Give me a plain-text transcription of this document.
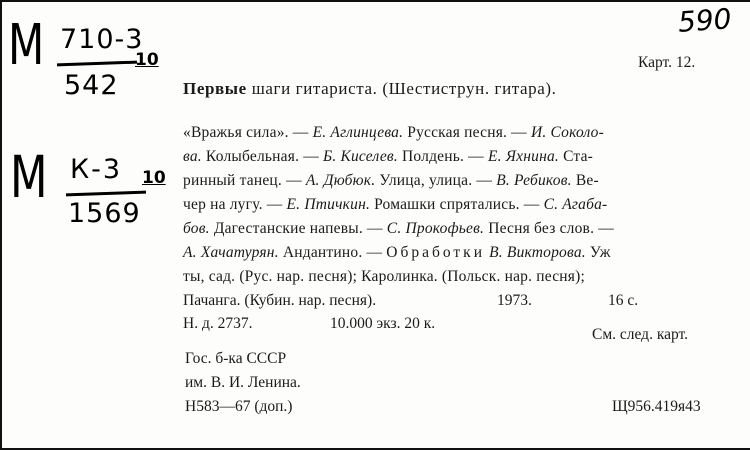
590
М 710-3
542
10
М К-3
1569
10
Карт. 12.
Первые шаги гитариста. (Шестиструн. гитара).
«Вражья сила». — Е. Аглинцева. Русская песня. — И. Соколо-
ва. Колыбельная. — Б. Киселев. Полдень. — Е. Яхнина. Ста-
ринный танец. — А. Дюбюк. Улица, улица. — В. Ребиков. Ве-
чер на лугу. — Е. Птичкин. Ромашки спрятались. — С. Агаба-
бов. Дагестанские напевы. — С. Прокофьев. Песня без слов. —
А. Хачатурян. Андантино. — Обработки В. Викторова. Уж
ты, сад. (Рус. нар. песня); Каролинка. (Польск. нар. песня);
Пачанга. (Кубин. нар. песня).	1973.	16 с.
Н. д. 2737.	10.000 экз. 20 к.
См. след. карт.
Гос. б-ка СССР
им. В. И. Ленина.
Н583—67 (доп.)	Щ956.419я43
